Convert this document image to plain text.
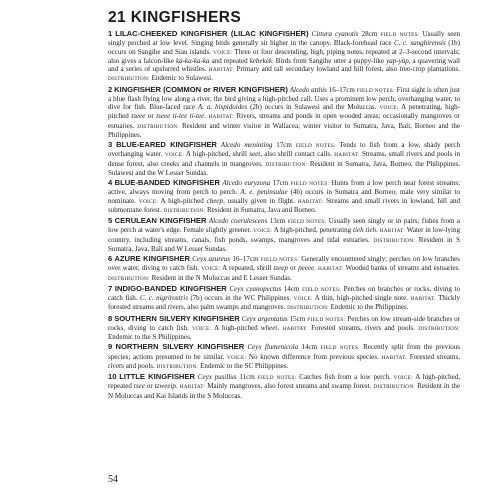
21 KINGFISHERS

1 LILAC-CHEEKED KINGFISHER (LILAC KINGFISHER) Cittura cyanotis 28cm FIELD NOTES: Usually seen singly perched at low level. Singing birds generally sit higher in the canopy. Black-forehead race C. c. sanghirensis (1b) occurs on Sangihe and Siau islands. VOICE: Three or four descending, high, piping notes, repeated at 2–3-second intervals; also gives a falcon-like ka-ka-ka-ka and repeated kebekek. Birds from Sangihe utter a puppy-like yap-yap, a quavering wail and a series of upslurred whistles. HABITAT: Primary and tall secondary lowland and hill forest, also tree-crop plantations. DISTRIBUTION: Endemic to Sulawesi.

2 KINGFISHER (COMMON or RIVER KINGFISHER) Alcedo atthis 16–17cm FIELD NOTES: First sight is often just a blue flash flying low along a river, the bird giving a high-pitched call. Uses a prominent low perch, overhanging water, to dive for fish. Blue-faced race A. a. hispidoides (2b) occurs in Sulawesi and the Moluccas. VOICE: A penetrating, high-pitched tseee or tseee ti-tee ti-tee. HABITAT: Rivers, streams and ponds in open wooded areas; occasionally mangroves or estuaries. DISTRIBUTION: Resident and winter visitor in Wallacea; winter visitor to Sumatra, Java, Bali, Borneo and the Philippines.

3 BLUE-EARED KINGFISHER Alcedo meninting 17cm FIELD NOTES: Tends to fish from a low, shady perch overhanging water. VOICE: A high-pitched, shrill seet, also shrill contact calls. HABITAT: Streams, small rivers and pools in dense forest, also creeks and channels in mangroves. DISTRIBUTION: Resident in Sumatra, Java, Borneo, the Philippines, Sulawesi and the W Lesser Sundas.

4 BLUE-BANDED KINGFISHER Alcedo euryzona 17cm FIELD NOTES: Hunts from a low perch near forest streams; active, always moving from perch to perch. A. e. peninsulae (4b) occurs in Sumatra and Borneo; male very similar to nominate. VOICE: A high-pitched cheep, usually given in flight. HABITAT: Streams and small rivers in lowland, hill and submontane forest. DISTRIBUTION: Resident in Sumatra, Java and Borneo.

5 CERULEAN KINGFISHER Alcedo coerulescens 13cm FIELD NOTES: Usually seen singly or in pairs; fishes from a low perch at water's edge. Female slightly greener. VOICE: A high-pitched, penetrating tieh tieh. HABITAT: Water in low-lying country, including streams, canals, fish ponds, swamps, mangroves and tidal estuaries. DISTRIBUTION: Resident in S Sumatra, Java, Bali and W Lesser Sundas.

6 AZURE KINGFISHER Ceyx azureus 16–17cm FIELD NOTES: Generally encountered singly; perches on low branches over water, diving to catch fish. VOICE: A repeated, shrill tzeep or peeee. HABITAT: Wooded banks of streams and estuaries. DISTRIBUTION: Resident in the N Moluccas and E Lesser Sundas.

7 INDIGO-BANDED KINGFISHER Ceyx cyanopectus 14cm FIELD NOTES: Perches on branches or rocks, diving to catch fish. C. c. nigrirostris (7b) occurs in the WC Philippines. VOICE: A thin, high-pitched single note. HABITAT: Thickly forested streams and rivers, also palm swamps and mangroves. DISTRIBUTION: Endemic to the Philippines.

8 SOUTHERN SILVERY KINGFISHER Ceyx argentatus 15cm FIELD NOTES: Perches on low stream-side branches or rocks, diving to catch fish. VOICE: A high-pitched wheet. HABITAT: Forested streams, rivers and pools. DISTRIBUTION: Endemic to the S Philippines.

9 NORTHERN SILVERY KINGFISHER Ceyx flumenicola 14cm FIELD NOTES: Recently split from the previous species; actions presumed to be similar. VOICE: No known difference from previous species. HABITAT: Forested streams, rivers and pools. DISTRIBUTION: Endemic to the SC Philippines.

10 LITTLE KINGFISHER Ceyx pusillus 11cm FIELD NOTES: Catches fish from a low perch. VOICE: A high-pitched, repeated tsee or tzweeip. HABITAT: Mainly mangroves, also forest streams and swamp forest. DISTRIBUTION: Resident in the N Moluccas and Kai Islands in the S Moluccas.

54
